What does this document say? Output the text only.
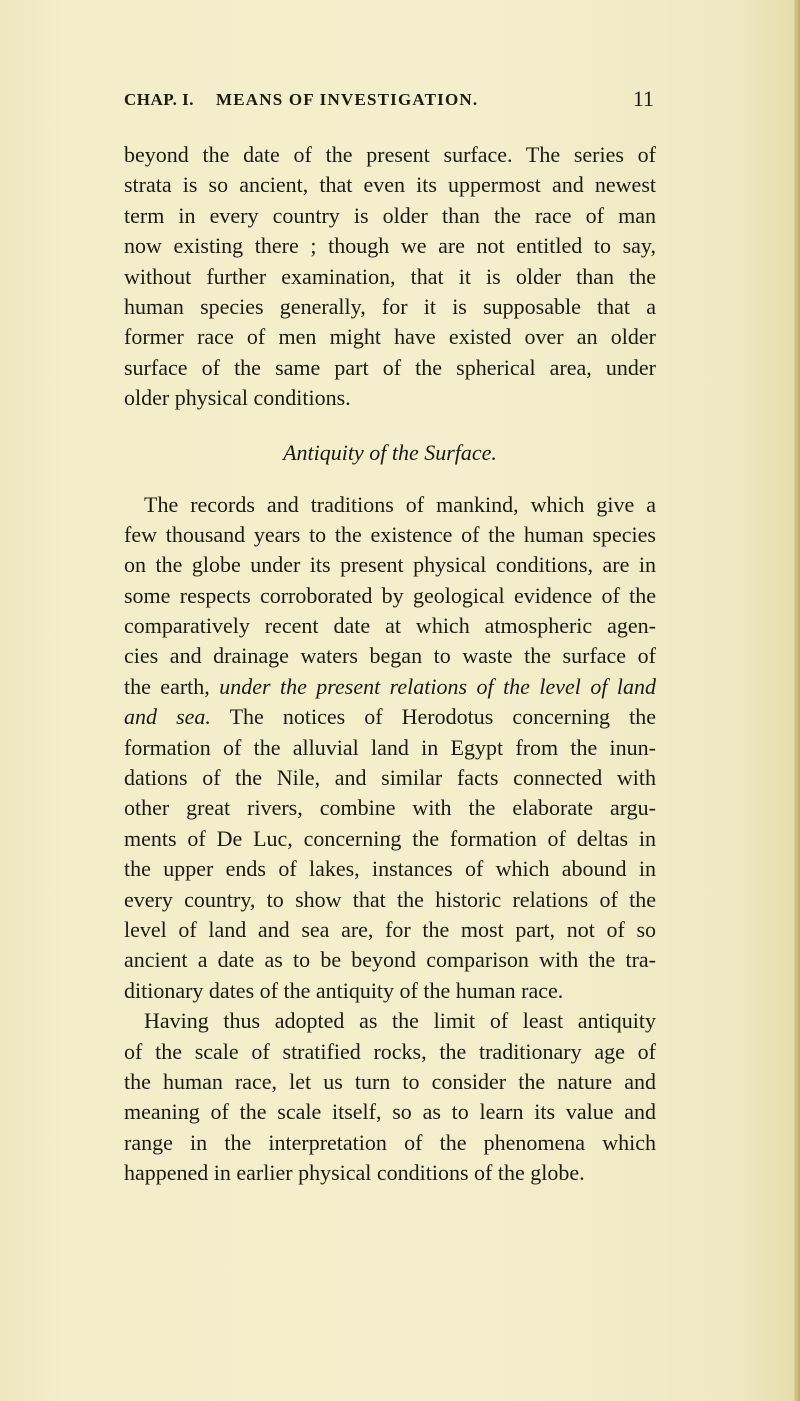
CHAP. I. MEANS OF INVESTIGATION.	11
beyond the date of the present surface. The series of
strata is so ancient, that even its uppermost and newest
term in every country is older than the race of man
now existing there ; though we are not entitled to say,
without further examination, that it is older than the
human species generally, for it is supposable that a
former race of men might have existed over an older
surface of the same part of the spherical area, under
older physical conditions.
Antiquity of the Surface.
The records and traditions of mankind, which give a
few thousand years to the existence of the human species
on the globe under its present physical conditions, are in
some respects corroborated by geological evidence of the
comparatively recent date at which atmospheric agen-
cies and drainage waters began to waste the surface of
the earth, under the present relations of the level of land
and sea. The notices of Herodotus concerning the
formation of the alluvial land in Egypt from the inun-
dations of the Nile, and similar facts connected with
other great rivers, combine with the elaborate argu-
ments of De Luc, concerning the formation of deltas in
the upper ends of lakes, instances of which abound in
every country, to show that the historic relations of the
level of land and sea are, for the most part, not of so
ancient a date as to be beyond comparison with the tra-
ditionary dates of the antiquity of the human race.
Having thus adopted as the limit of least antiquity
of the scale of stratified rocks, the traditionary age of
the human race, let us turn to consider the nature and
meaning of the scale itself, so as to learn its value and
range in the interpretation of the phenomena which
happened in earlier physical conditions of the globe.
